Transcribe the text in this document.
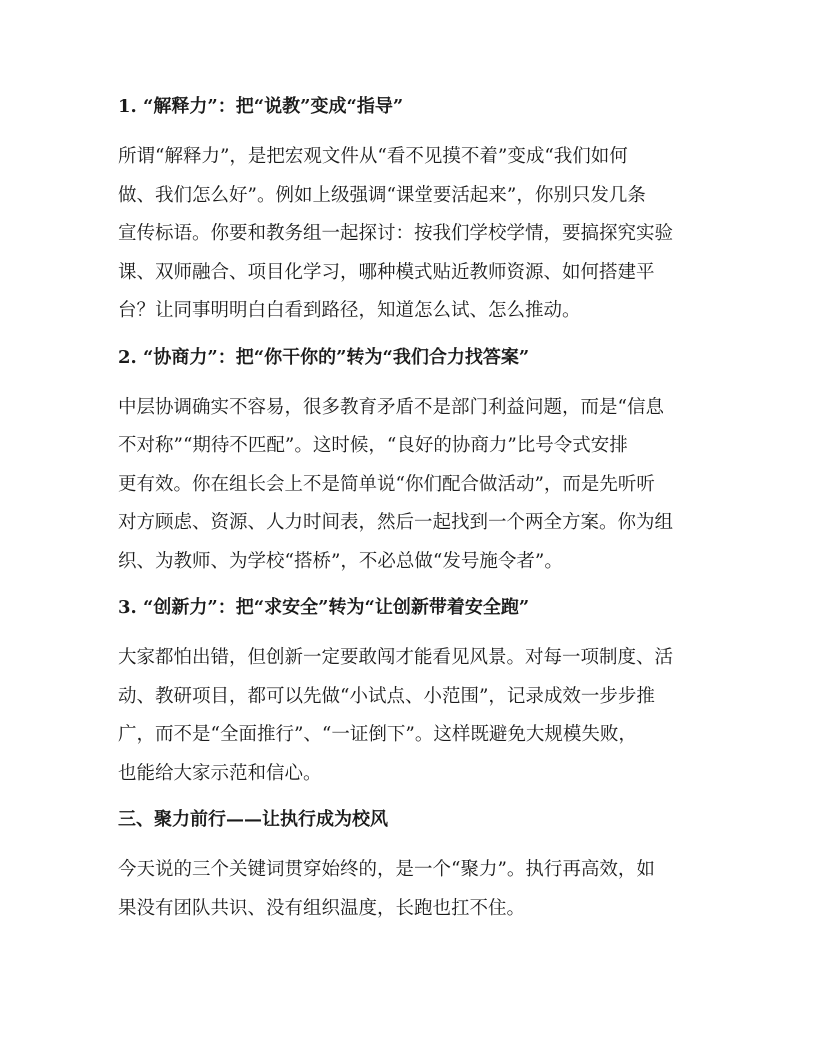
1. “解释力”：把“说教”变成“指导”
所谓“解释力”，是把宏观文件从“看不见摸不着”变成“我们如何
做、我们怎么好”。例如上级强调“课堂要活起来”，你别只发几条
宣传标语。你要和教务组一起探讨：按我们学校学情，要搞探究实验
课、双师融合、项目化学习，哪种模式贴近教师资源、如何搭建平
台？让同事明明白白看到路径，知道怎么试、怎么推动。
2. “协商力”：把“你干你的”转为“我们合力找答案”
中层协调确实不容易，很多教育矛盾不是部门利益问题，而是“信息
不对称”“期待不匹配”。这时候，“良好的协商力”比号令式安排
更有效。你在组长会上不是简单说“你们配合做活动”，而是先听听
对方顾虑、资源、人力时间表，然后一起找到一个两全方案。你为组
织、为教师、为学校“搭桥”，不必总做“发号施令者”。
3. “创新力”：把“求安全”转为“让创新带着安全跑”
大家都怕出错，但创新一定要敢闯才能看见风景。对每一项制度、活
动、教研项目，都可以先做“小试点、小范围”，记录成效一步步推
广，而不是“全面推行”、“一证倒下”。这样既避免大规模失败，
也能给大家示范和信心。
三、聚力前行——让执行成为校风
今天说的三个关键词贯穿始终的，是一个“聚力”。执行再高效，如
果没有团队共识、没有组织温度，长跑也扛不住。
